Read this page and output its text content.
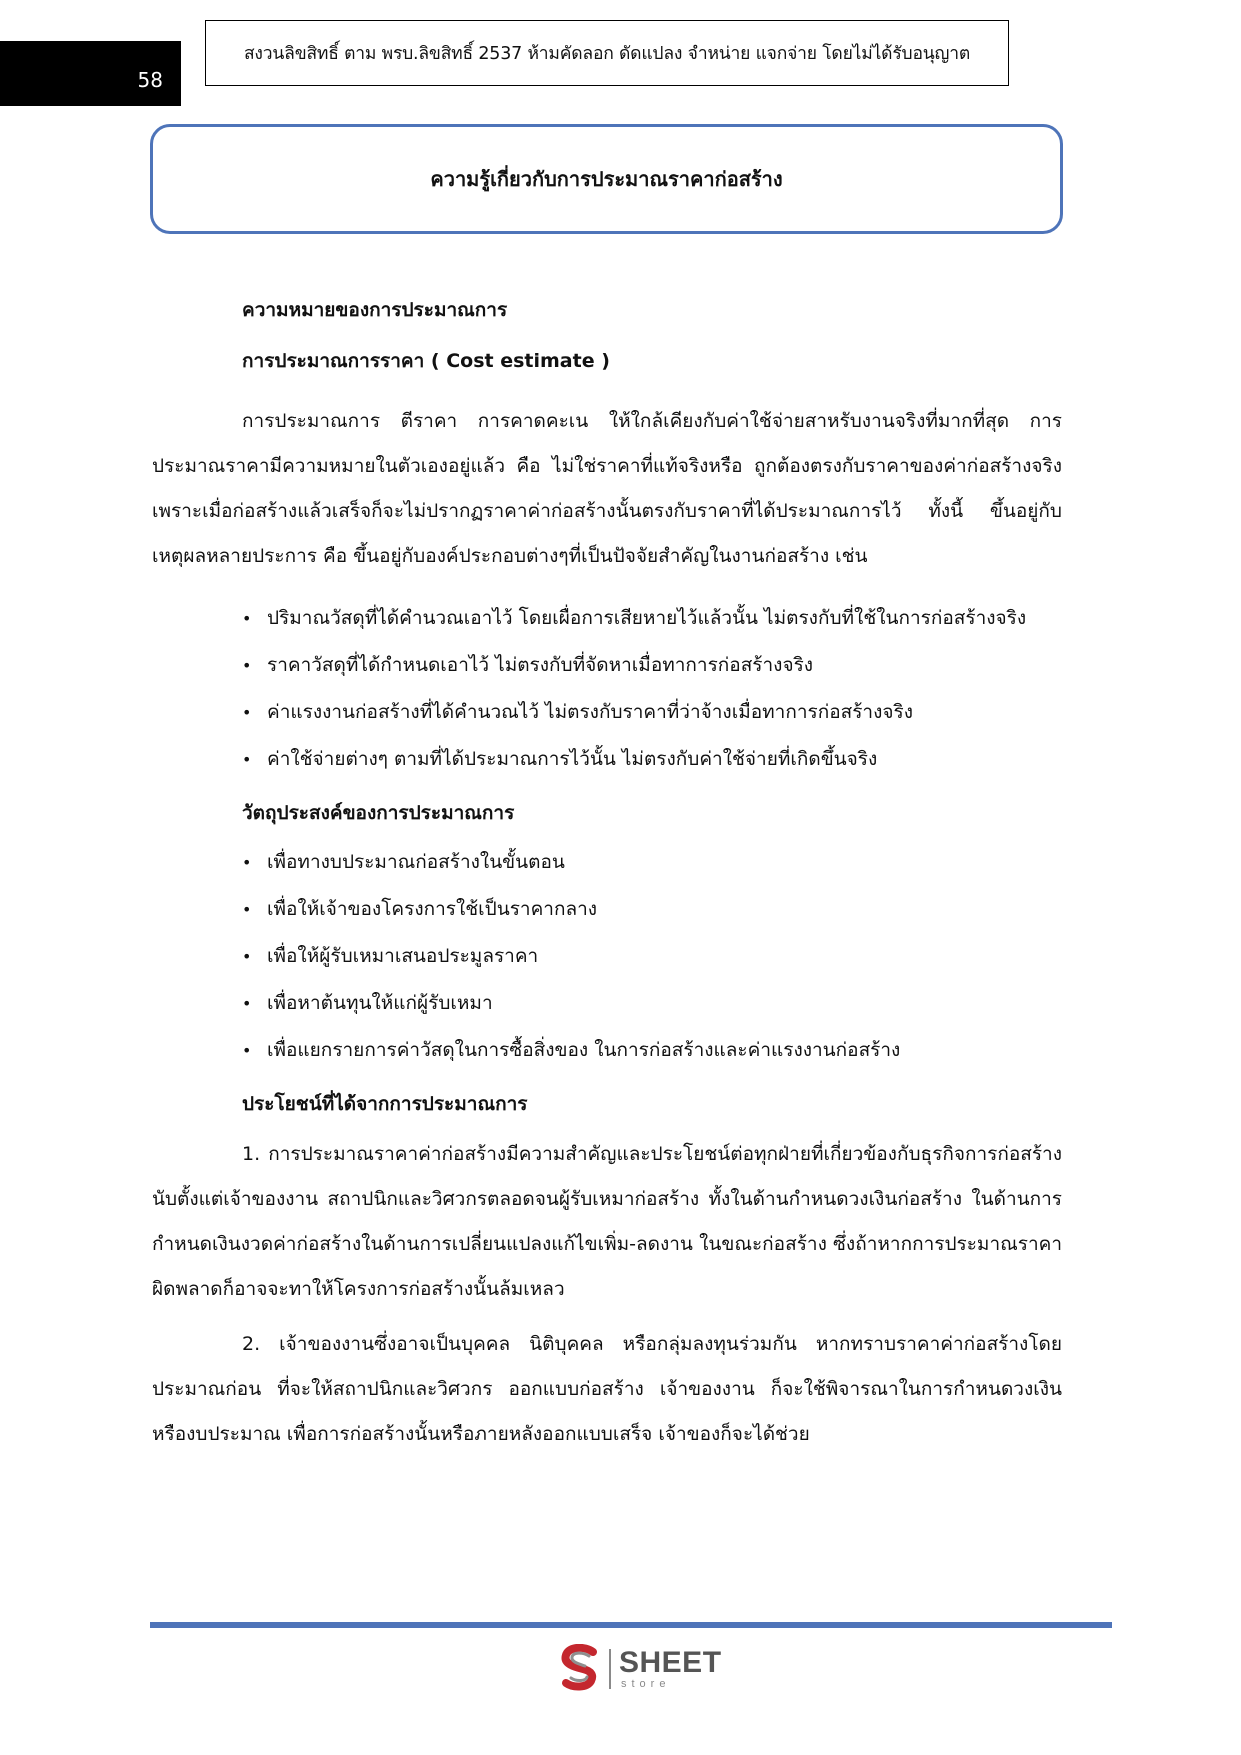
58
สงวนลิขสิทธิ์ ตาม พรบ.ลิขสิทธิ์ 2537 ห้ามคัดลอก ดัดแปลง จำหน่าย แจกจ่าย โดยไม่ได้รับอนุญาต
ความรู้เกี่ยวกับการประมาณราคาก่อสร้าง

ความหมายของการประมาณการ

การประมาณการราคา ( Cost estimate )

การประมาณการ ตีราคา การคาดคะเน ให้ใกล้เคียงกับค่าใช้จ่ายสาหรับงานจริงที่มากที่สุด การประมาณราคามีความหมายในตัวเองอยู่แล้ว คือ ไม่ใช่ราคาที่แท้จริงหรือ ถูกต้องตรงกับราคาของค่าก่อสร้างจริง เพราะเมื่อก่อสร้างแล้วเสร็จก็จะไม่ปรากฏราคาค่าก่อสร้างนั้นตรงกับราคาที่ได้ประมาณการไว้ ทั้งนี้ ขึ้นอยู่กับเหตุผลหลายประการ คือ ขึ้นอยู่กับองค์ประกอบต่างๆที่เป็นปัจจัยสำคัญในงานก่อสร้าง เช่น

• ปริมาณวัสดุที่ได้คำนวณเอาไว้ โดยเผื่อการเสียหายไว้แล้วนั้น ไม่ตรงกับที่ใช้ในการก่อสร้างจริง
• ราคาวัสดุที่ได้กำหนดเอาไว้ ไม่ตรงกับที่จัดหาเมื่อทาการก่อสร้างจริง
• ค่าแรงงานก่อสร้างที่ได้คำนวณไว้ ไม่ตรงกับราคาที่ว่าจ้างเมื่อทาการก่อสร้างจริง
• ค่าใช้จ่ายต่างๆ ตามที่ได้ประมาณการไว้นั้น ไม่ตรงกับค่าใช้จ่ายที่เกิดขึ้นจริง

วัตถุประสงค์ของการประมาณการ

• เพื่อทางบประมาณก่อสร้างในขั้นตอน
• เพื่อให้เจ้าของโครงการใช้เป็นราคากลาง
• เพื่อให้ผู้รับเหมาเสนอประมูลราคา
• เพื่อหาต้นทุนให้แก่ผู้รับเหมา
• เพื่อแยกรายการค่าวัสดุในการซื้อสิ่งของ ในการก่อสร้างและค่าแรงงานก่อสร้าง

ประโยชน์ที่ได้จากการประมาณการ

1. การประมาณราคาค่าก่อสร้างมีความสำคัญและประโยชน์ต่อทุกฝ่ายที่เกี่ยวข้องกับธุรกิจการก่อสร้างนับตั้งแต่เจ้าของงาน สถาปนิกและวิศวกรตลอดจนผู้รับเหมาก่อสร้าง ทั้งในด้านกำหนดวงเงินก่อสร้าง ในด้านการกำหนดเงินงวดค่าก่อสร้างในด้านการเปลี่ยนแปลงแก้ไขเพิ่ม-ลดงาน ในขณะก่อสร้าง ซึ่งถ้าหากการประมาณราคาผิดพลาดก็อาจจะทาให้โครงการก่อสร้างนั้นล้มเหลว

2. เจ้าของงานซึ่งอาจเป็นบุคคล นิติบุคคล หรือกลุ่มลงทุนร่วมกัน หากทราบราคาค่าก่อสร้างโดยประมาณก่อน ที่จะให้สถาปนิกและวิศวกร ออกแบบก่อสร้าง เจ้าของงาน ก็จะใช้พิจารณาในการกำหนดวงเงิน หรืองบประมาณ เพื่อการก่อสร้างนั้นหรือภายหลังออกแบบเสร็จ เจ้าของก็จะได้ช่วย

SHEET
store
